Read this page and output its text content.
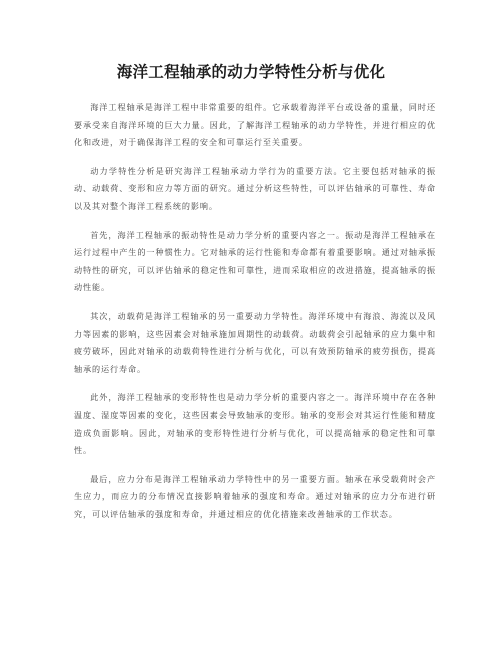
海洋工程轴承的动力学特性分析与优化

海洋工程轴承是海洋工程中非常重要的组件。它承载着海洋平台或设备的重量，同时还要承受来自海洋环境的巨大力量。因此，了解海洋工程轴承的动力学特性，并进行相应的优化和改进，对于确保海洋工程的安全和可靠运行至关重要。

动力学特性分析是研究海洋工程轴承动力学行为的重要方法。它主要包括对轴承的振动、动载荷、变形和应力等方面的研究。通过分析这些特性，可以评估轴承的可靠性、寿命以及其对整个海洋工程系统的影响。

首先，海洋工程轴承的振动特性是动力学分析的重要内容之一。振动是海洋工程轴承在运行过程中产生的一种惯性力。它对轴承的运行性能和寿命都有着重要影响。通过对轴承振动特性的研究，可以评估轴承的稳定性和可靠性，进而采取相应的改进措施，提高轴承的振动性能。

其次，动载荷是海洋工程轴承的另一重要动力学特性。海洋环境中有海浪、海流以及风力等因素的影响，这些因素会对轴承施加周期性的动载荷。动载荷会引起轴承的应力集中和疲劳破坏，因此对轴承的动载荷特性进行分析与优化，可以有效预防轴承的疲劳损伤，提高轴承的运行寿命。

此外，海洋工程轴承的变形特性也是动力学分析的重要内容之一。海洋环境中存在各种温度、湿度等因素的变化，这些因素会导致轴承的变形。轴承的变形会对其运行性能和精度造成负面影响。因此，对轴承的变形特性进行分析与优化，可以提高轴承的稳定性和可靠性。

最后，应力分布是海洋工程轴承动力学特性中的另一重要方面。轴承在承受载荷时会产生应力，而应力的分布情况直接影响着轴承的强度和寿命。通过对轴承的应力分布进行研究，可以评估轴承的强度和寿命，并通过相应的优化措施来改善轴承的工作状态。
